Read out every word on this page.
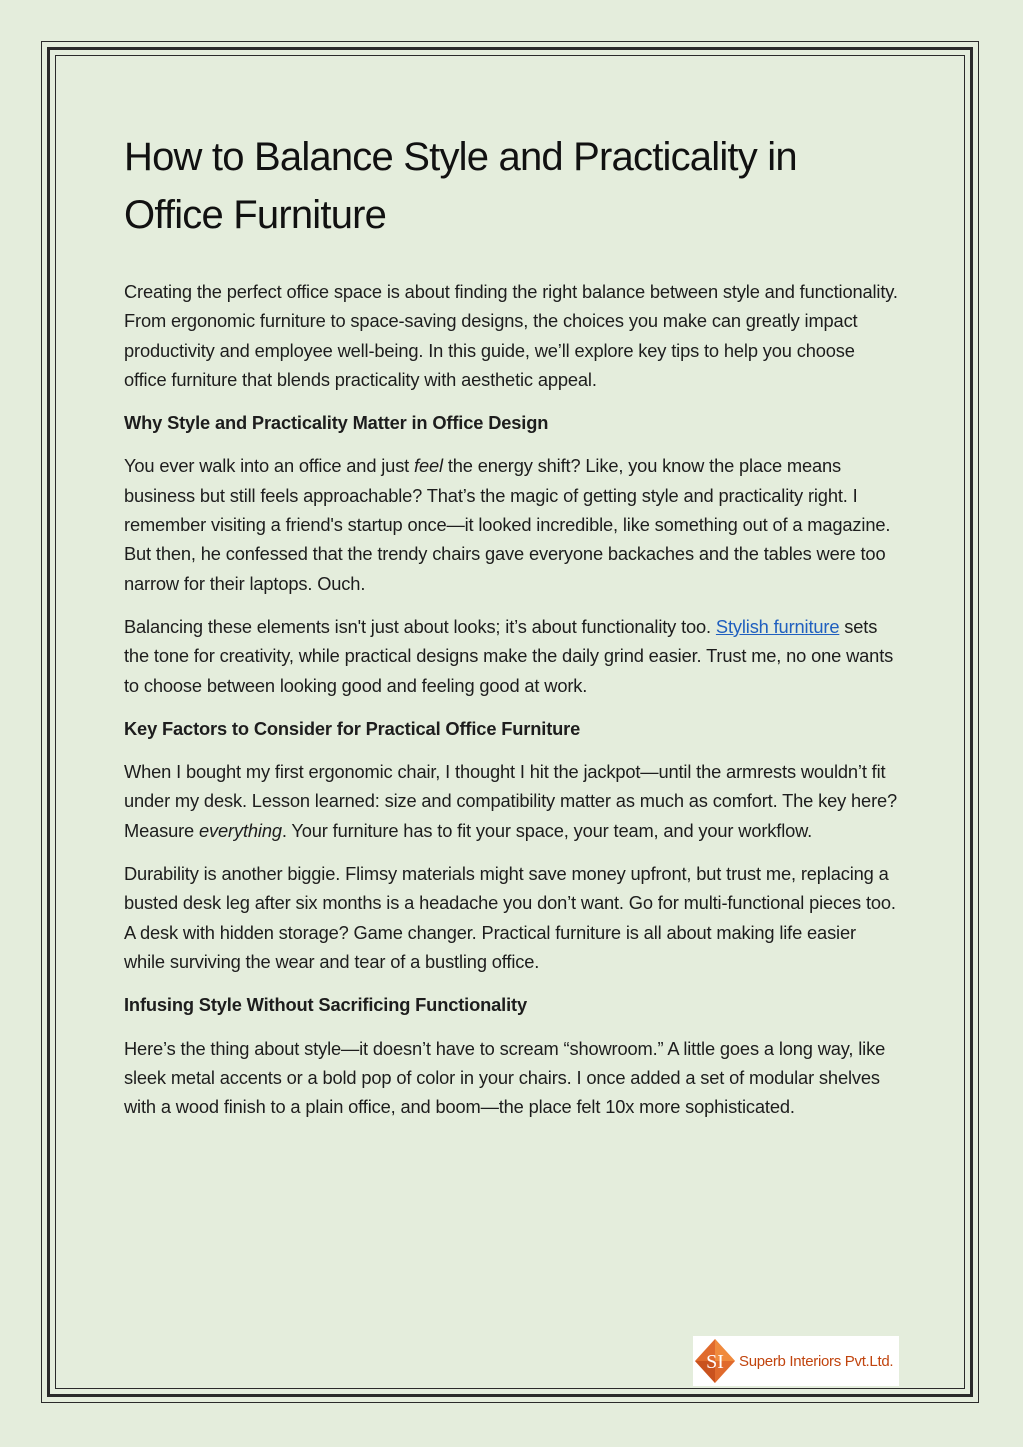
How to Balance Style and Practicality in Office Furniture

Creating the perfect office space is about finding the right balance between style and functionality. From ergonomic furniture to space-saving designs, the choices you make can greatly impact productivity and employee well-being. In this guide, we’ll explore key tips to help you choose office furniture that blends practicality with aesthetic appeal.

Why Style and Practicality Matter in Office Design

You ever walk into an office and just feel the energy shift? Like, you know the place means business but still feels approachable? That’s the magic of getting style and practicality right. I remember visiting a friend's startup once—it looked incredible, like something out of a magazine. But then, he confessed that the trendy chairs gave everyone backaches and the tables were too narrow for their laptops. Ouch.

Balancing these elements isn't just about looks; it’s about functionality too. Stylish furniture sets the tone for creativity, while practical designs make the daily grind easier. Trust me, no one wants to choose between looking good and feeling good at work.

Key Factors to Consider for Practical Office Furniture

When I bought my first ergonomic chair, I thought I hit the jackpot—until the armrests wouldn’t fit under my desk. Lesson learned: size and compatibility matter as much as comfort. The key here? Measure everything. Your furniture has to fit your space, your team, and your workflow.

Durability is another biggie. Flimsy materials might save money upfront, but trust me, replacing a busted desk leg after six months is a headache you don’t want. Go for multi-functional pieces too. A desk with hidden storage? Game changer. Practical furniture is all about making life easier while surviving the wear and tear of a bustling office.

Infusing Style Without Sacrificing Functionality

Here’s the thing about style—it doesn’t have to scream “showroom.” A little goes a long way, like sleek metal accents or a bold pop of color in your chairs. I once added a set of modular shelves with a wood finish to a plain office, and boom—the place felt 10x more sophisticated.

SI Superb Interiors Pvt.Ltd.
